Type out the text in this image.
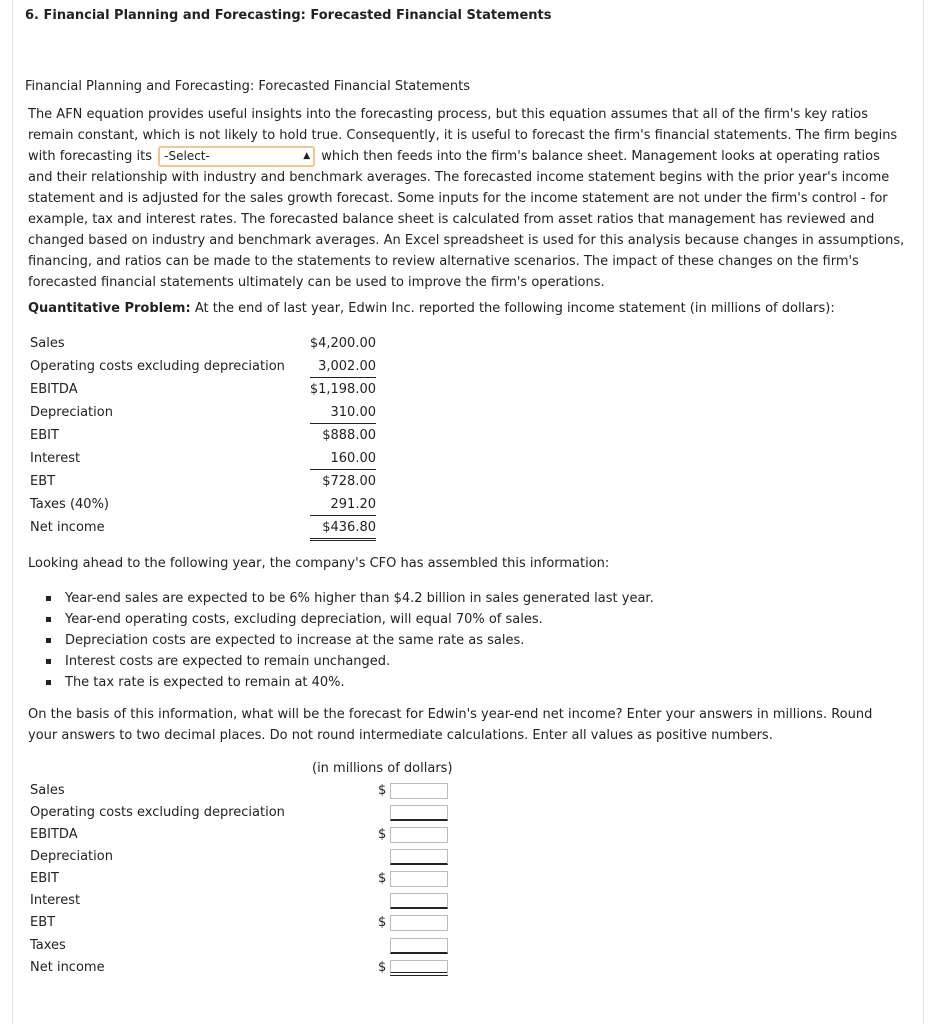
6. Financial Planning and Forecasting: Forecasted Financial Statements
Financial Planning and Forecasting: Forecasted Financial Statements
The AFN equation provides useful insights into the forecasting process, but this equation assumes that all of the firm's key ratios remain constant, which is not likely to hold true. Consequently, it is useful to forecast the firm's financial statements. The firm begins with forecasting its -Select-	▲ which then feeds into the firm's balance sheet. Management looks at operating ratios and their relationship with industry and benchmark averages. The forecasted income statement begins with the prior year's income statement and is adjusted for the sales growth forecast. Some inputs for the income statement are not under the firm's control - for example, tax and interest rates. The forecasted balance sheet is calculated from asset ratios that management has reviewed and changed based on industry and benchmark averages. An Excel spreadsheet is used for this analysis because changes in assumptions, financing, and ratios can be made to the statements to review alternative scenarios. The impact of these changes on the firm's forecasted financial statements ultimately can be used to improve the firm's operations.
Quantitative Problem: At the end of last year, Edwin Inc. reported the following income statement (in millions of dollars):
Sales	$4,200.00
Operating costs excluding depreciation	3,002.00
EBITDA	$1,198.00
Depreciation	310.00
EBIT	$888.00
Interest	160.00
EBT	$728.00
Taxes (40%)	291.20
Net income	$436.80
Looking ahead to the following year, the company's CFO has assembled this information:
Year-end sales are expected to be 6% higher than $4.2 billion in sales generated last year.
Year-end operating costs, excluding depreciation, will equal 70% of sales.
Depreciation costs are expected to increase at the same rate as sales.
Interest costs are expected to remain unchanged.
The tax rate is expected to remain at 40%.
On the basis of this information, what will be the forecast for Edwin's year-end net income? Enter your answers in millions. Round your answers to two decimal places. Do not round intermediate calculations. Enter all values as positive numbers.
(in millions of dollars)
Sales	$
Operating costs excluding depreciation
EBITDA	$
Depreciation
EBIT	$
Interest
EBT	$
Taxes
Net income	$
